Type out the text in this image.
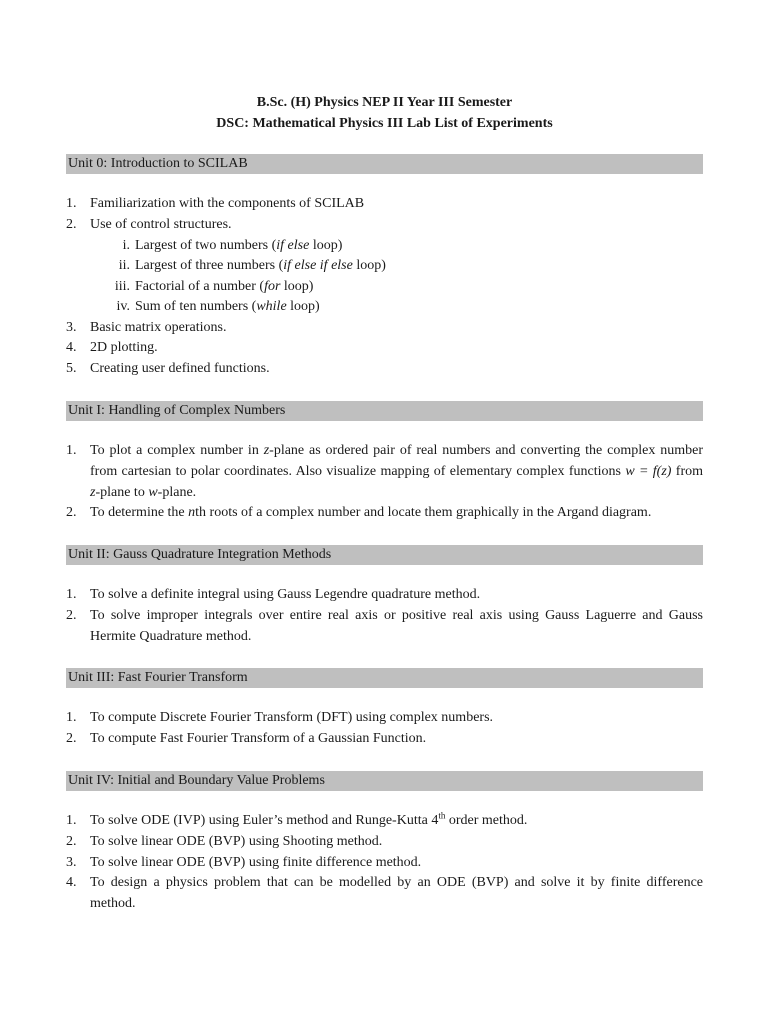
B.Sc. (H) Physics NEP II Year III Semester
DSC: Mathematical Physics III Lab List of Experiments
Unit 0: Introduction to SCILAB
1. Familiarization with the components of SCILAB
2. Use of control structures.
i. Largest of two numbers (if else loop)
ii. Largest of three numbers (if else if else loop)
iii. Factorial of a number (for loop)
iv. Sum of ten numbers (while loop)
3. Basic matrix operations.
4. 2D plotting.
5. Creating user defined functions.
Unit I: Handling of Complex Numbers
1. To plot a complex number in z-plane as ordered pair of real numbers and converting the complex number from cartesian to polar coordinates. Also visualize mapping of elementary complex functions w = f(z) from z-plane to w-plane.
2. To determine the nth roots of a complex number and locate them graphically in the Argand diagram.
Unit II: Gauss Quadrature Integration Methods
1. To solve a definite integral using Gauss Legendre quadrature method.
2. To solve improper integrals over entire real axis or positive real axis using Gauss Laguerre and Gauss Hermite Quadrature method.
Unit III: Fast Fourier Transform
1. To compute Discrete Fourier Transform (DFT) using complex numbers.
2. To compute Fast Fourier Transform of a Gaussian Function.
Unit IV: Initial and Boundary Value Problems
1. To solve ODE (IVP) using Euler’s method and Runge-Kutta 4th order method.
2. To solve linear ODE (BVP) using Shooting method.
3. To solve linear ODE (BVP) using finite difference method.
4. To design a physics problem that can be modelled by an ODE (BVP) and solve it by finite difference method.
